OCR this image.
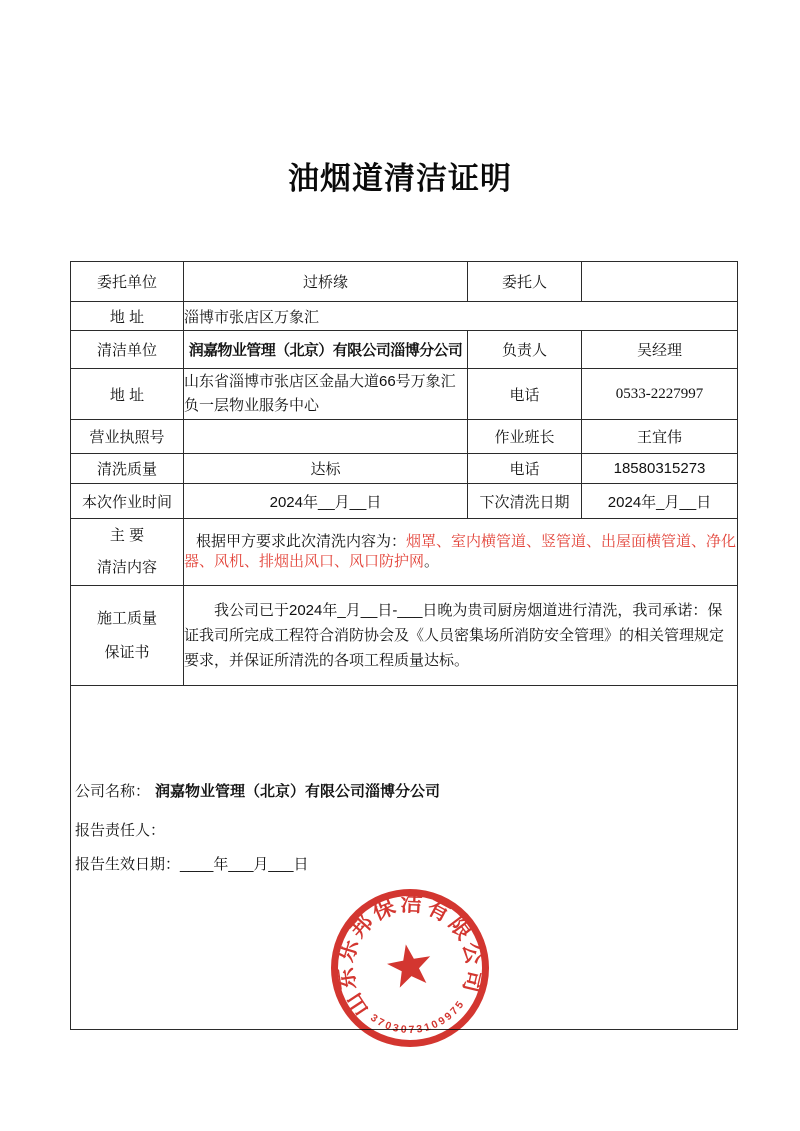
油烟道清洁证明
委托单位	过桥缘	委托人	
地 址	淄博市张店区万象汇		
清洁单位	润嘉物业管理（北京）有限公司淄博分公司	负责人	吴经理
地 址	山东省淄博市张店区金晶大道66号万象汇负一层物业服务中心	电话	0533-2227997
营业执照号		作业班长	王宜伟
清洗质量	达标	电话	18580315273
本次作业时间	2024年__月__日	下次清洗日期	2024年_月__日

主 要
清洁内容	根据甲方要求此次清洗内容为：烟罩、室内横管道、竖管道、出屋面横管道、净化器、风机、排烟出风口、风口防护网。		

施工质量
保证书	我公司已于2024年_月__日-___日晚为贵司厨房烟道进行清洗，我司承诺：保证我司所完成工程符合消防协会及《人员密集场所消防安全管理》的相关管理规定要求，并保证所清洗的各项工程质量达标。		

公司名称： 润嘉物业管理（北京）有限公司淄博分公司
报告责任人：
报告生效日期：____年___月___日			
山东乐邦保洁有限公司
3703073109975
